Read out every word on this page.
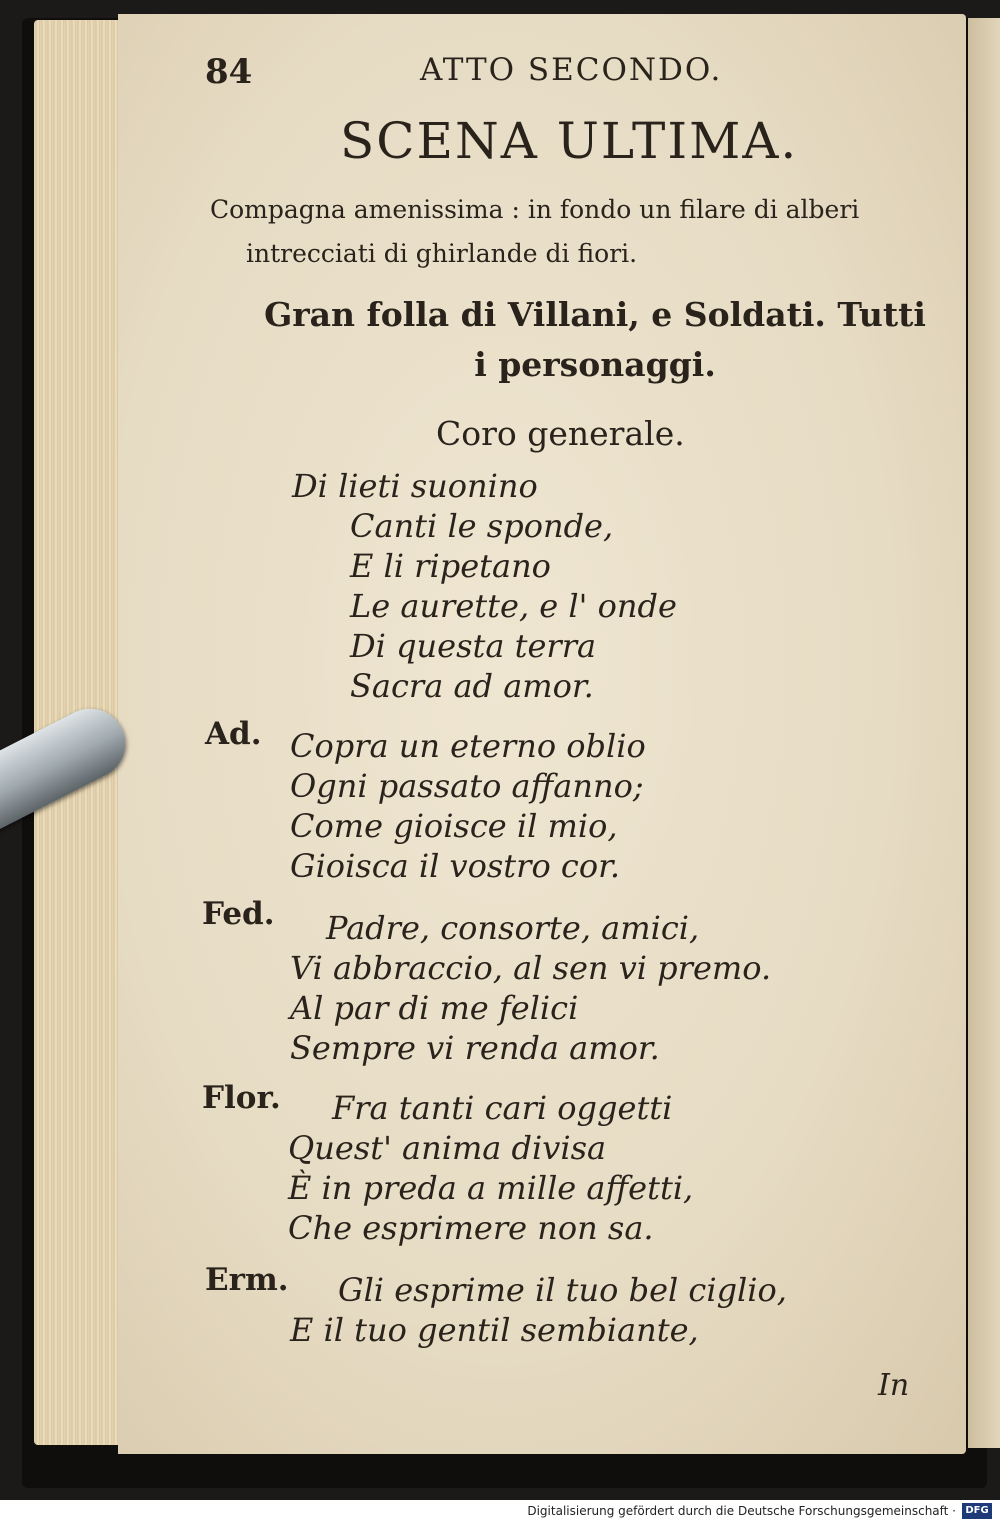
84	ATTO SECONDO.
SCENA ULTIMA.
Compagna amenissima : in fondo un filare di alberi
intrecciati di ghirlande di fiori.
Gran folla di Villani, e Soldati. Tutti
i personaggi.
Coro generale.
Di lieti suonino
Canti le sponde,
E li ripetano
Le aurette, e l' onde
Di questa terra
Sacra ad amor.
Ad. Copra un eterno oblio
Ogni passato affanno;
Come gioisce il mio,
Gioisca il vostro cor.
Fed.	Padre, consorte, amici,
Vi abbraccio, al sen vi premo.
Al par di me felici
Sempre vi renda amor.
Flor.	Fra tanti cari oggetti
Quest' anima divisa
È in preda a mille affetti,
Che esprimere non sa.
Erm.	Gli esprime il tuo bel ciglio,
E il tuo gentil sembiante,
In
Digitalisierung gefördert durch die Deutsche Forschungsgemeinschaft · DFG
